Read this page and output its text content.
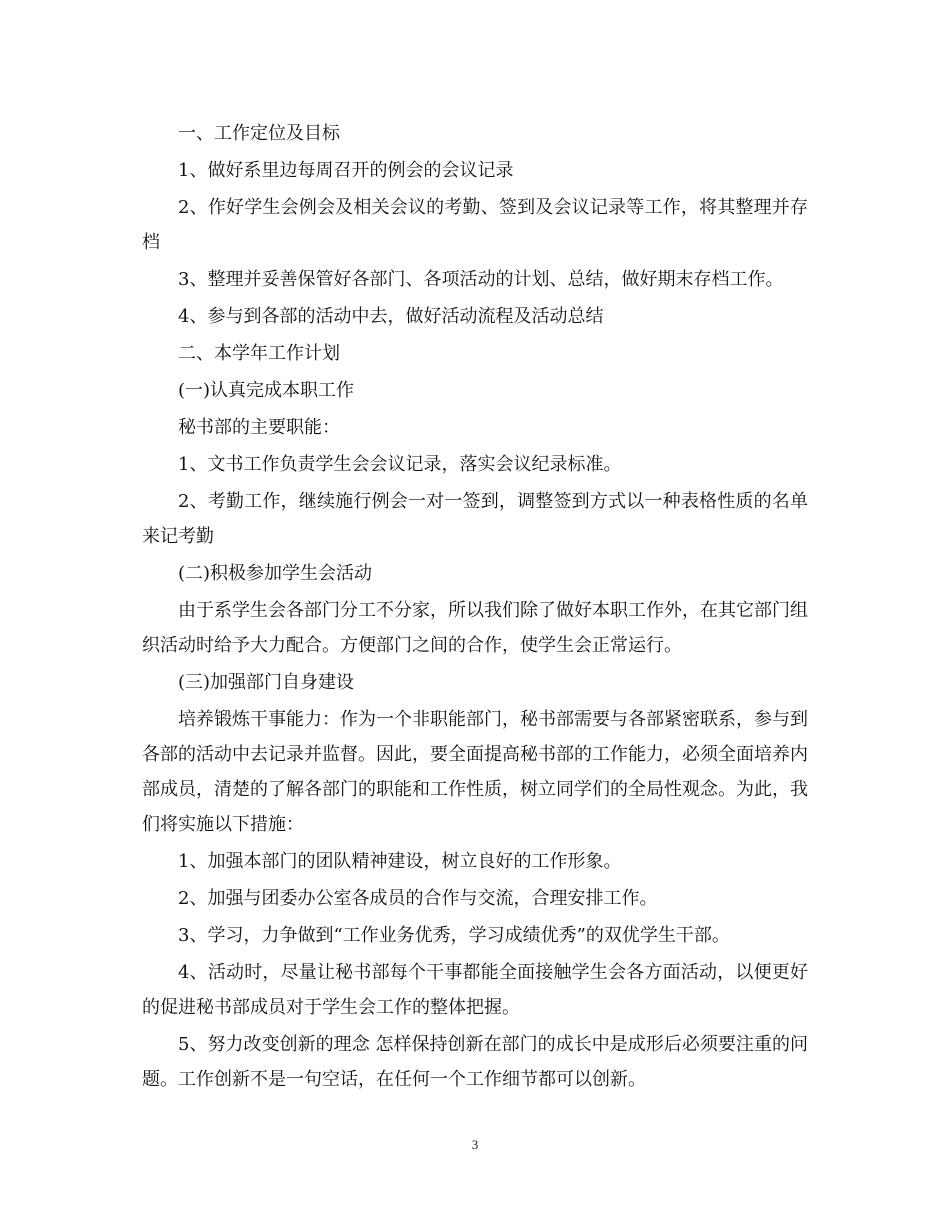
一、工作定位及目标

1、做好系里边每周召开的例会的会议记录

2、作好学生会例会及相关会议的考勤、签到及会议记录等工作，将其整理并存档

3、整理并妥善保管好各部门、各项活动的计划、总结，做好期末存档工作。

4、参与到各部的活动中去，做好活动流程及活动总结

二、本学年工作计划

(一)认真完成本职工作

秘书部的主要职能：

1、文书工作负责学生会会议记录，落实会议纪录标准。

2、考勤工作，继续施行例会一对一签到，调整签到方式以一种表格性质的名单来记考勤

(二)积极参加学生会活动

由于系学生会各部门分工不分家，所以我们除了做好本职工作外，在其它部门组织活动时给予大力配合。方便部门之间的合作，使学生会正常运行。

(三)加强部门自身建设

培养锻炼干事能力：作为一个非职能部门，秘书部需要与各部紧密联系，参与到各部的活动中去记录并监督。因此，要全面提高秘书部的工作能力，必须全面培养内部成员，清楚的了解各部门的职能和工作性质，树立同学们的全局性观念。为此，我们将实施以下措施：

1、加强本部门的团队精神建设，树立良好的工作形象。

2、加强与团委办公室各成员的合作与交流，合理安排工作。

3、学习，力争做到“工作业务优秀，学习成绩优秀”的双优学生干部。

4、活动时，尽量让秘书部每个干事都能全面接触学生会各方面活动，以便更好的促进秘书部成员对于学生会工作的整体把握。

5、努力改变创新的理念 怎样保持创新在部门的成长中是成形后必须要注重的问题。工作创新不是一句空话，在任何一个工作细节都可以创新。

3
